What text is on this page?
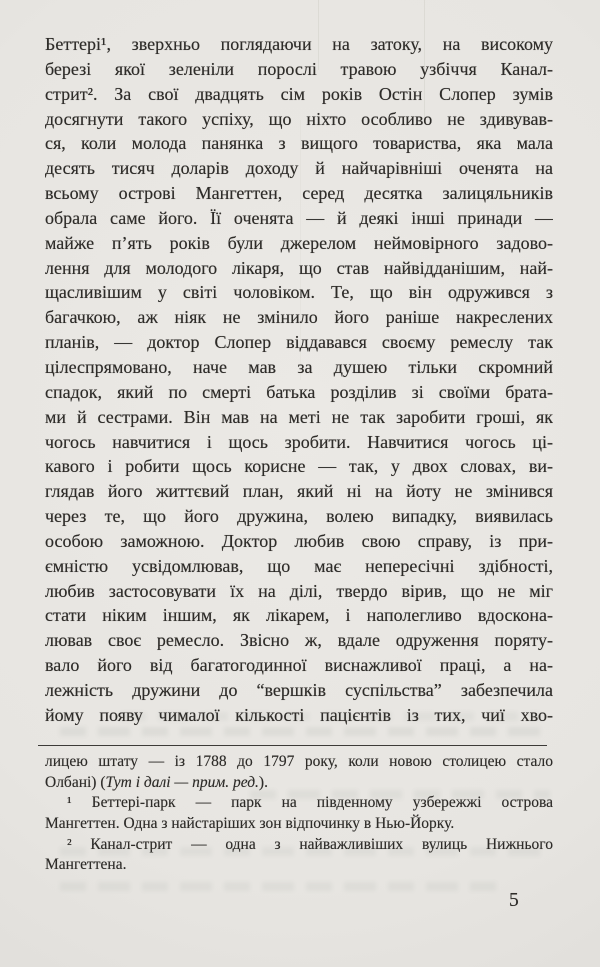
Беттері¹, зверхньо поглядаючи на затоку, на високому
березі якої зеленіли порослі травою узбіччя Канал-
стрит². За свої двадцять сім років Остін Слопер зумів
досягнути такого успіху, що ніхто особливо не здивував-
ся, коли молода панянка з вищого товариства, яка мала
десять тисяч доларів доходу й найчарівніші оченята на
всьому острові Мангеттен, серед десятка залицяльників
обрала саме його. Її оченята — й деякі інші принади —
майже п’ять років були джерелом неймовірного задово-
лення для молодого лікаря, що став найвідданішим, най-
щасливішим у світі чоловіком. Те, що він одружився з
багачкою, аж ніяк не змінило його раніше накреслених
планів, — доктор Слопер віддавався своєму ремеслу так
цілеспрямовано, наче мав за душею тільки скромний
спадок, який по смерті батька розділив зі своїми брата-
ми й сестрами. Він мав на меті не так заробити гроші, як
чогось навчитися і щось зробити. Навчитися чогось ці-
кавого і робити щось корисне — так, у двох словах, ви-
глядав його життєвий план, який ні на йоту не змінився
через те, що його дружина, волею випадку, виявилась
особою заможною. Доктор любив свою справу, із при-
ємністю усвідомлював, що має непересічні здібності,
любив застосовувати їх на ділі, твердо вірив, що не міг
стати ніким іншим, як лікарем, і наполегливо вдоскона-
лював своє ремесло. Звісно ж, вдале одруження поряту-
вало його від багатогодинної виснажливої праці, а на-
лежність дружини до “вершків суспільства” забезпечила
йому появу чималої кількості пацієнтів із тих, чиї хво-
лицею штату — із 1788 до 1797 року, коли новою столицею стало
Олбані) (Тут і далі — прим. ред.).
¹ Беттері-парк — парк на південному узбережжі острова
Мангеттен. Одна з найстаріших зон відпочинку в Нью-Йорку.
² Канал-стрит — одна з найважливіших вулиць Нижнього
Мангеттена.
5
